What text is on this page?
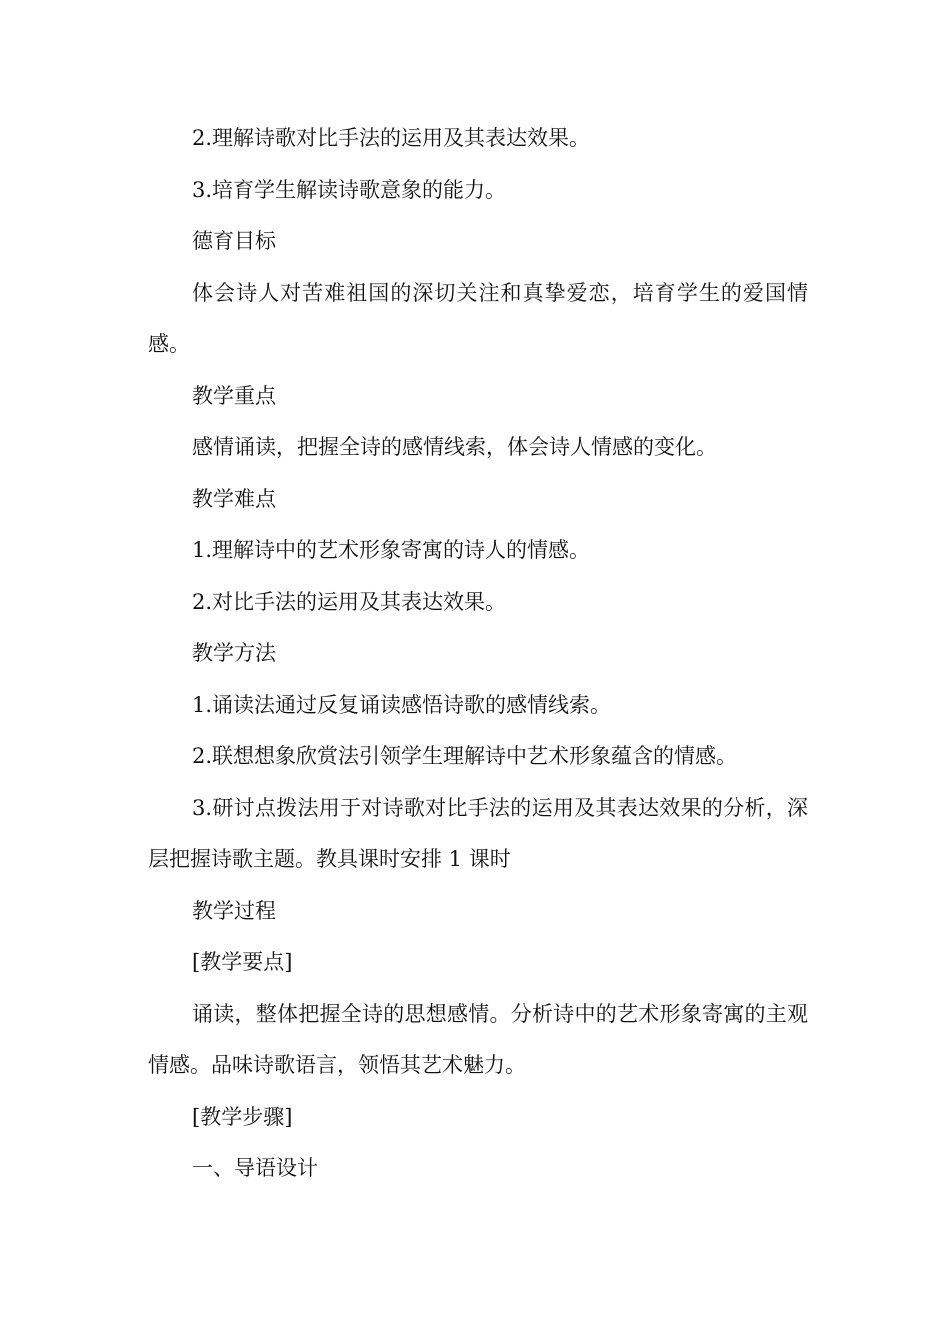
2.理解诗歌对比手法的运用及其表达效果。

3.培育学生解读诗歌意象的能力。

德育目标

体会诗人对苦难祖国的深切关注和真挚爱恋，培育学生的爱国情感。

教学重点

感情诵读，把握全诗的感情线索，体会诗人情感的变化。

教学难点

1.理解诗中的艺术形象寄寓的诗人的情感。

2.对比手法的运用及其表达效果。

教学方法

1.诵读法通过反复诵读感悟诗歌的感情线索。

2.联想想象欣赏法引领学生理解诗中艺术形象蕴含的情感。

3.研讨点拨法用于对诗歌对比手法的运用及其表达效果的分析，深层把握诗歌主题。教具课时安排 1 课时

教学过程

[教学要点]

诵读，整体把握全诗的思想感情。分析诗中的艺术形象寄寓的主观情感。品味诗歌语言，领悟其艺术魅力。

[教学步骤]

一、导语设计
